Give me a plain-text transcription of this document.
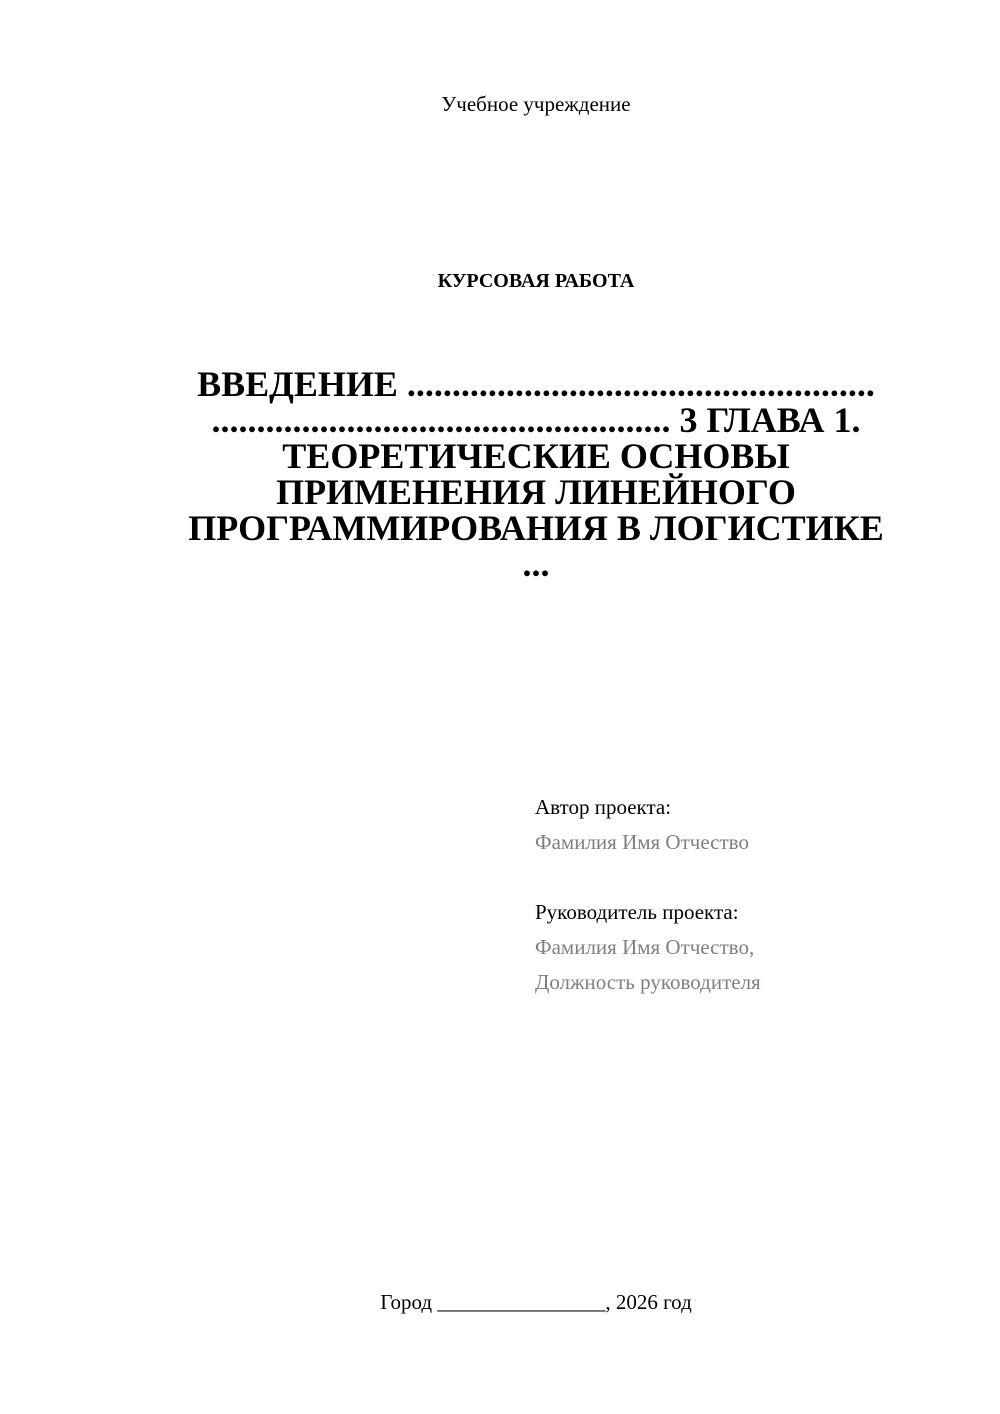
Учебное учреждение
КУРСОВАЯ РАБОТА
ВВЕДЕНИЕ ....................................................
................................................... 3 ГЛАВА 1.
ТЕОРЕТИЧЕСКИЕ ОСНОВЫ
ПРИМЕНЕНИЯ ЛИНЕЙНОГО
ПРОГРАММИРОВАНИЯ В ЛОГИСТИКЕ
...
Автор проекта:
Фамилия Имя Отчество
Руководитель проекта:
Фамилия Имя Отчество,
Должность руководителя
Город ________________, 2026 год
